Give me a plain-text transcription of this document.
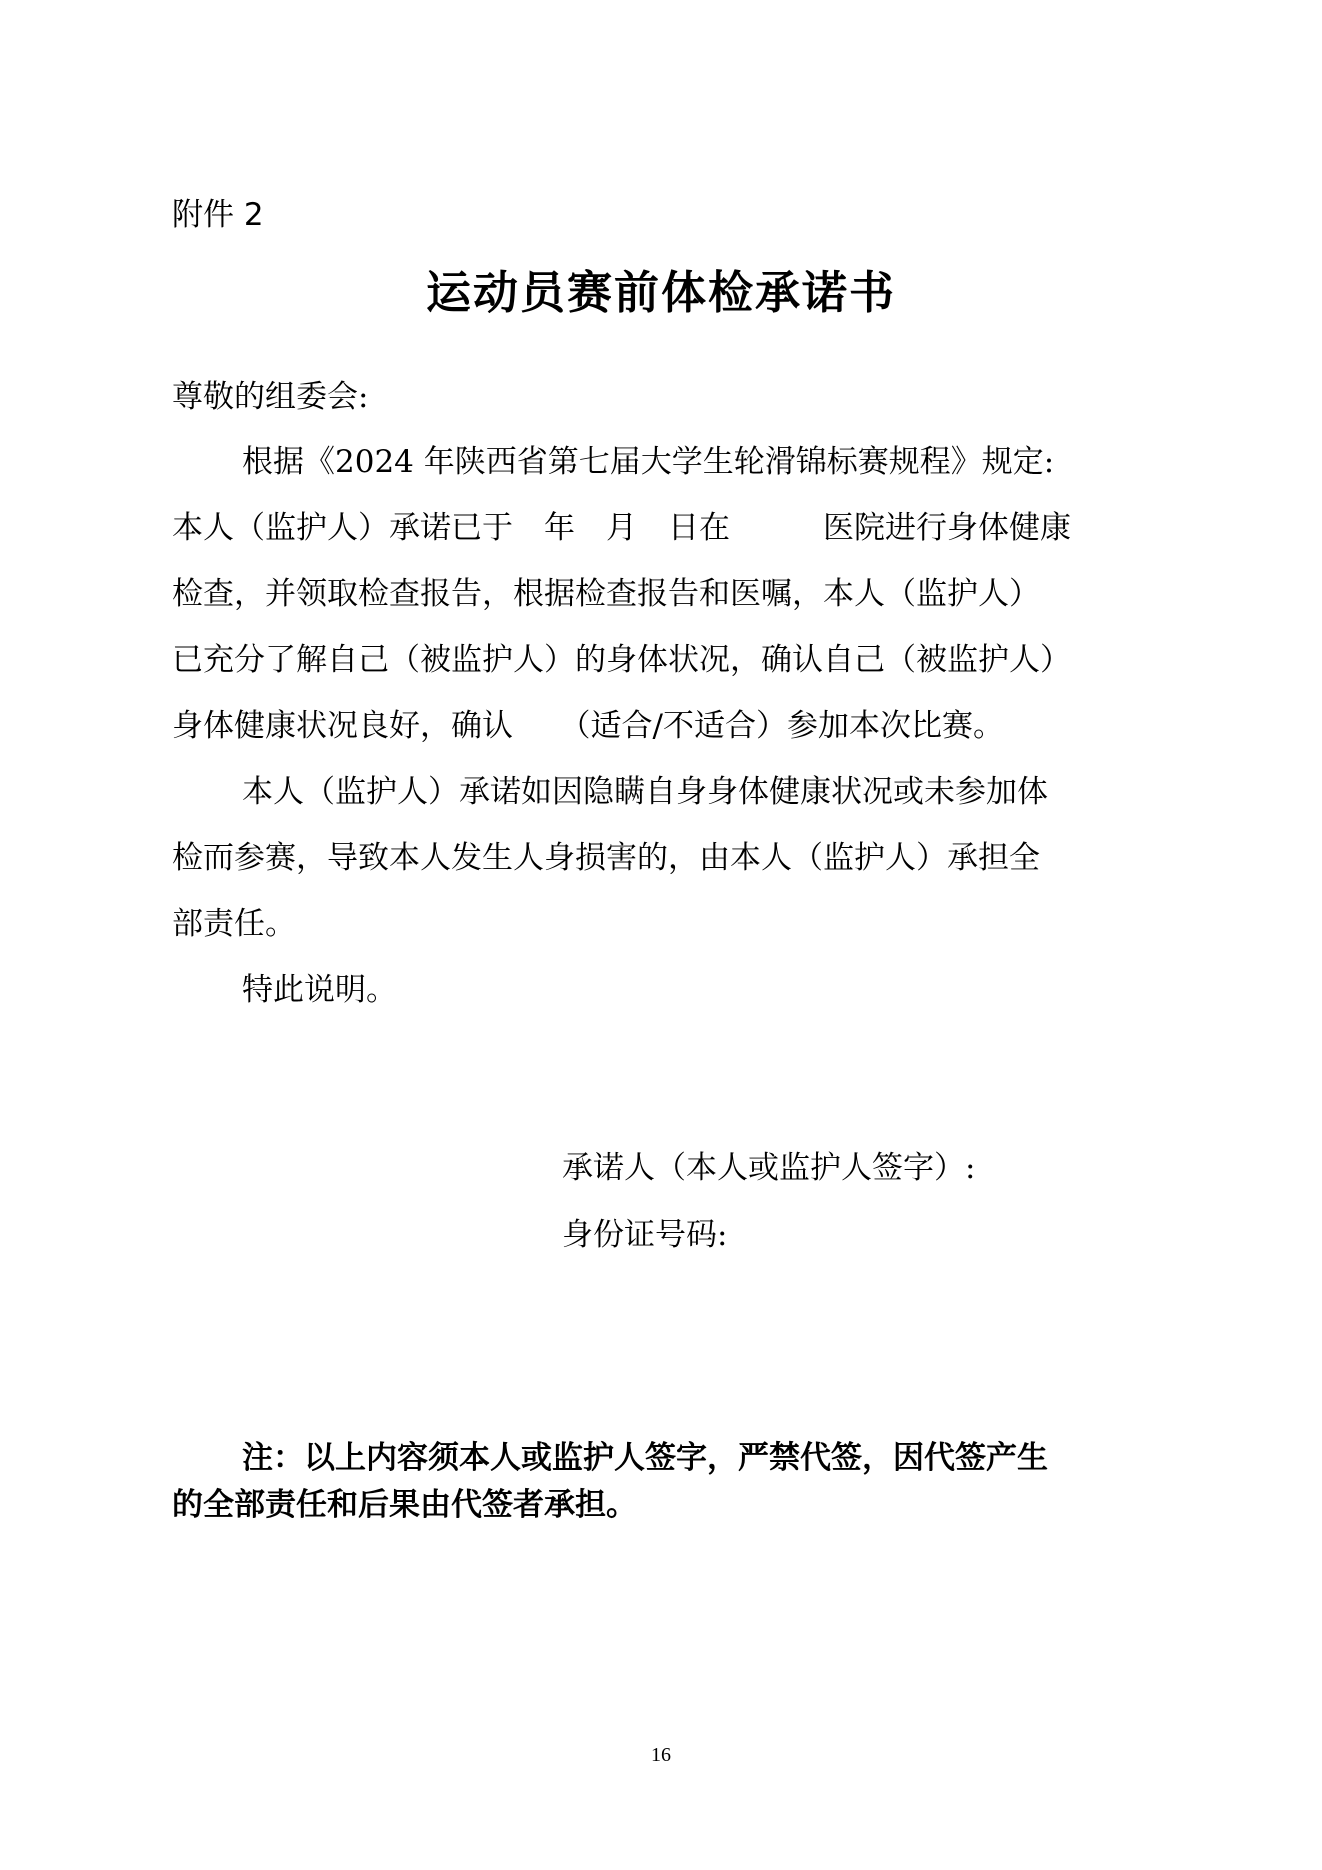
附件 2
运动员赛前体检承诺书
尊敬的组委会:
根据《2024 年陕西省第七届大学生轮滑锦标赛规程》规定:
本人（监护人）承诺已于　年　月　日在　　　医院进行身体健康
检查，并领取检查报告，根据检查报告和医嘱，本人（监护人）
已充分了解自己（被监护人）的身体状况，确认自己（被监护人）
身体健康状况良好，确认　　（适合/不适合）参加本次比赛。
本人（监护人）承诺如因隐瞒自身身体健康状况或未参加体
检而参赛，导致本人发生人身损害的，由本人（监护人）承担全
部责任。
特此说明。
承诺人（本人或监护人签字）:
身份证号码:
注：以上内容须本人或监护人签字，严禁代签，因代签产生
的全部责任和后果由代签者承担。
16
